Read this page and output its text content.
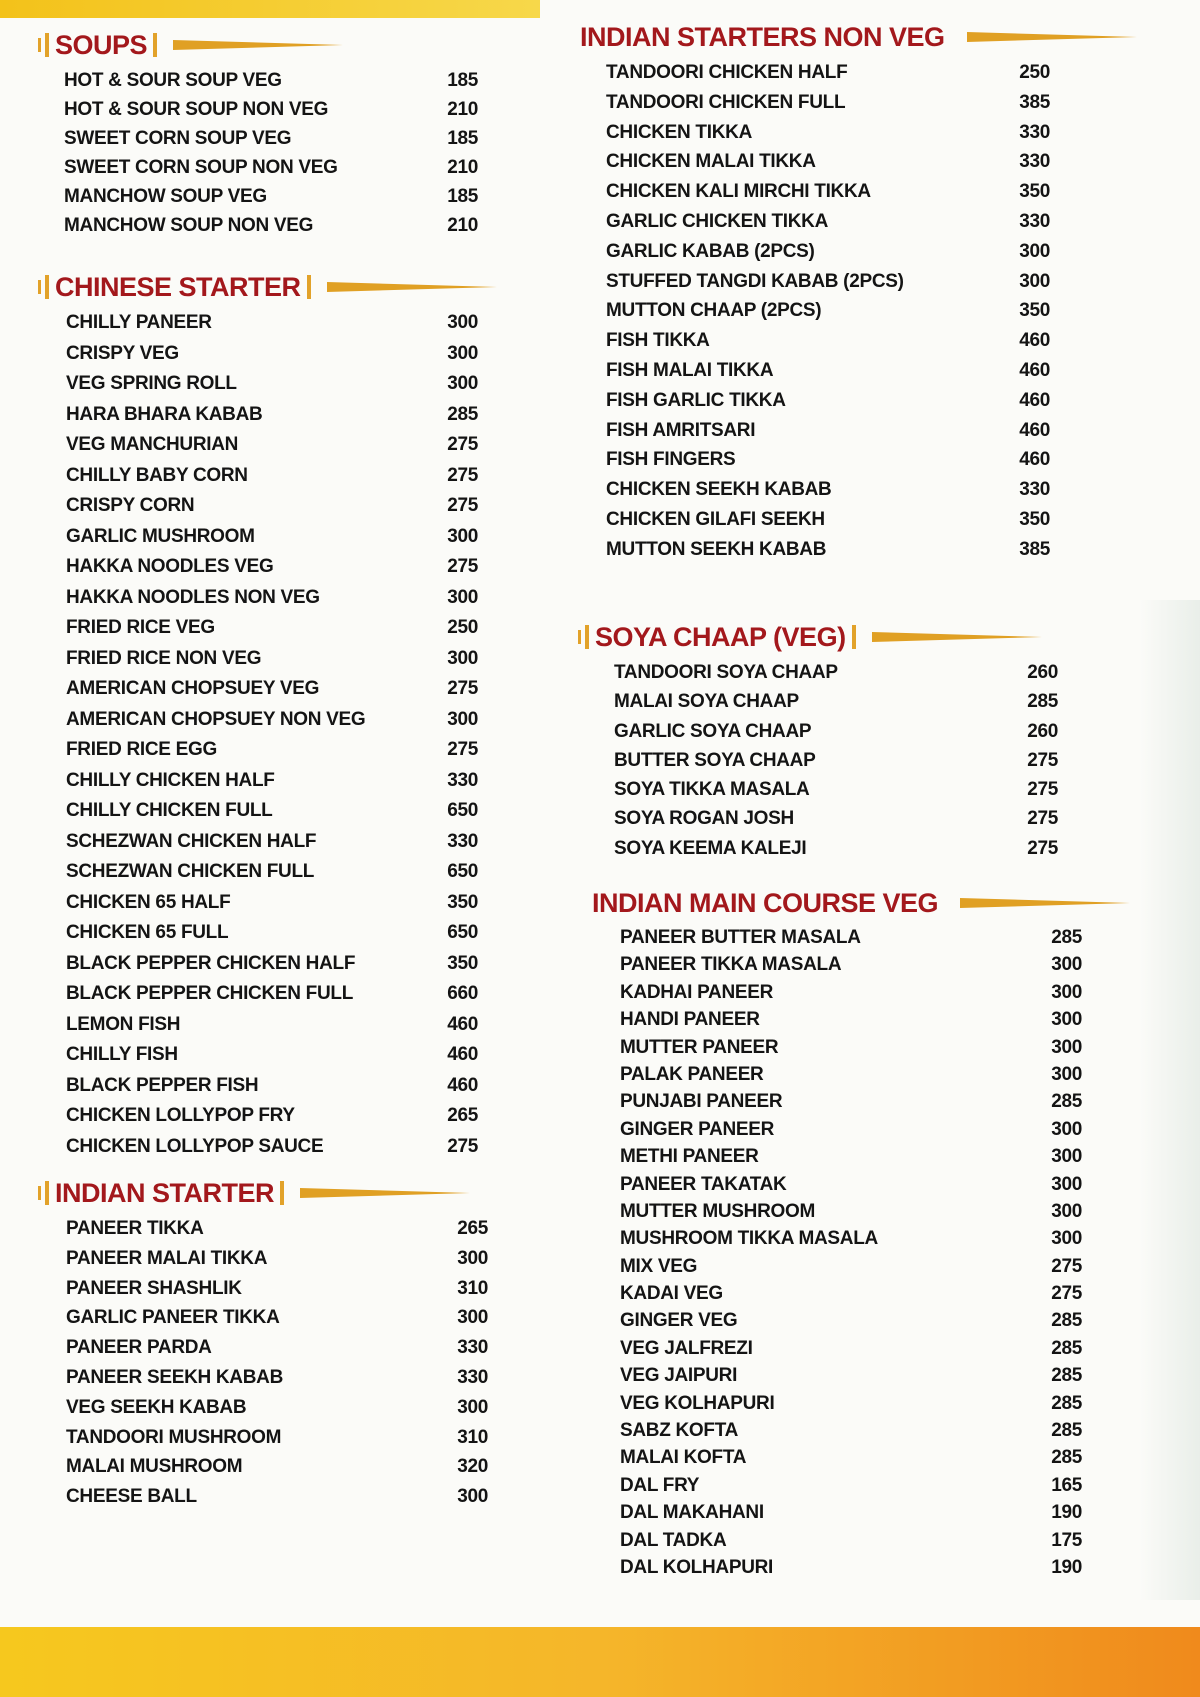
SOUPS
HOT & SOUR SOUP VEG	185
HOT & SOUR SOUP NON VEG	210
SWEET CORN SOUP VEG	185
SWEET CORN SOUP NON VEG	210
MANCHOW SOUP VEG	185
MANCHOW SOUP NON VEG	210
CHINESE STARTER
CHILLY PANEER	300
CRISPY VEG	300
VEG SPRING ROLL	300
HARA BHARA KABAB	285
VEG MANCHURIAN	275
CHILLY BABY CORN	275
CRISPY CORN	275
GARLIC MUSHROOM	300
HAKKA NOODLES VEG	275
HAKKA NOODLES NON VEG	300
FRIED RICE VEG	250
FRIED RICE NON VEG	300
AMERICAN CHOPSUEY VEG	275
AMERICAN CHOPSUEY NON VEG	300
FRIED RICE EGG	275
CHILLY CHICKEN HALF	330
CHILLY CHICKEN FULL	650
SCHEZWAN CHICKEN HALF	330
SCHEZWAN CHICKEN FULL	650
CHICKEN 65 HALF	350
CHICKEN 65 FULL	650
BLACK PEPPER CHICKEN HALF	350
BLACK PEPPER CHICKEN FULL	660
LEMON FISH	460
CHILLY FISH	460
BLACK PEPPER FISH	460
CHICKEN LOLLYPOP FRY	265
CHICKEN LOLLYPOP SAUCE	275
INDIAN STARTER
PANEER TIKKA	265
PANEER MALAI TIKKA	300
PANEER SHASHLIK	310
GARLIC PANEER TIKKA	300
PANEER PARDA	330
PANEER SEEKH KABAB	330
VEG SEEKH KABAB	300
TANDOORI MUSHROOM	310
MALAI MUSHROOM	320
CHEESE BALL	300
INDIAN STARTERS NON VEG
TANDOORI CHICKEN HALF	250
TANDOORI CHICKEN FULL	385
CHICKEN TIKKA	330
CHICKEN MALAI TIKKA	330
CHICKEN KALI MIRCHI TIKKA	350
GARLIC CHICKEN TIKKA	330
GARLIC KABAB (2PCS)	300
STUFFED TANGDI KABAB (2PCS)	300
MUTTON CHAAP (2PCS)	350
FISH TIKKA	460
FISH MALAI TIKKA	460
FISH GARLIC TIKKA	460
FISH AMRITSARI	460
FISH FINGERS	460
CHICKEN SEEKH KABAB	330
CHICKEN GILAFI SEEKH	350
MUTTON SEEKH KABAB	385
SOYA CHAAP (VEG)
TANDOORI SOYA CHAAP	260
MALAI SOYA CHAAP	285
GARLIC SOYA CHAAP	260
BUTTER SOYA CHAAP	275
SOYA TIKKA MASALA	275
SOYA ROGAN JOSH	275
SOYA KEEMA KALEJI	275
INDIAN MAIN COURSE VEG
PANEER BUTTER MASALA	285
PANEER TIKKA MASALA	300
KADHAI PANEER	300
HANDI PANEER	300
MUTTER PANEER	300
PALAK PANEER	300
PUNJABI PANEER	285
GINGER PANEER	300
METHI PANEER	300
PANEER TAKATAK	300
MUTTER MUSHROOM	300
MUSHROOM TIKKA MASALA	300
MIX VEG	275
KADAI VEG	275
GINGER VEG	285
VEG JALFREZI	285
VEG JAIPURI	285
VEG KOLHAPURI	285
SABZ KOFTA	285
MALAI KOFTA	285
DAL FRY	165
DAL MAKAHANI	190
DAL TADKA	175
DAL KOLHAPURI	190
